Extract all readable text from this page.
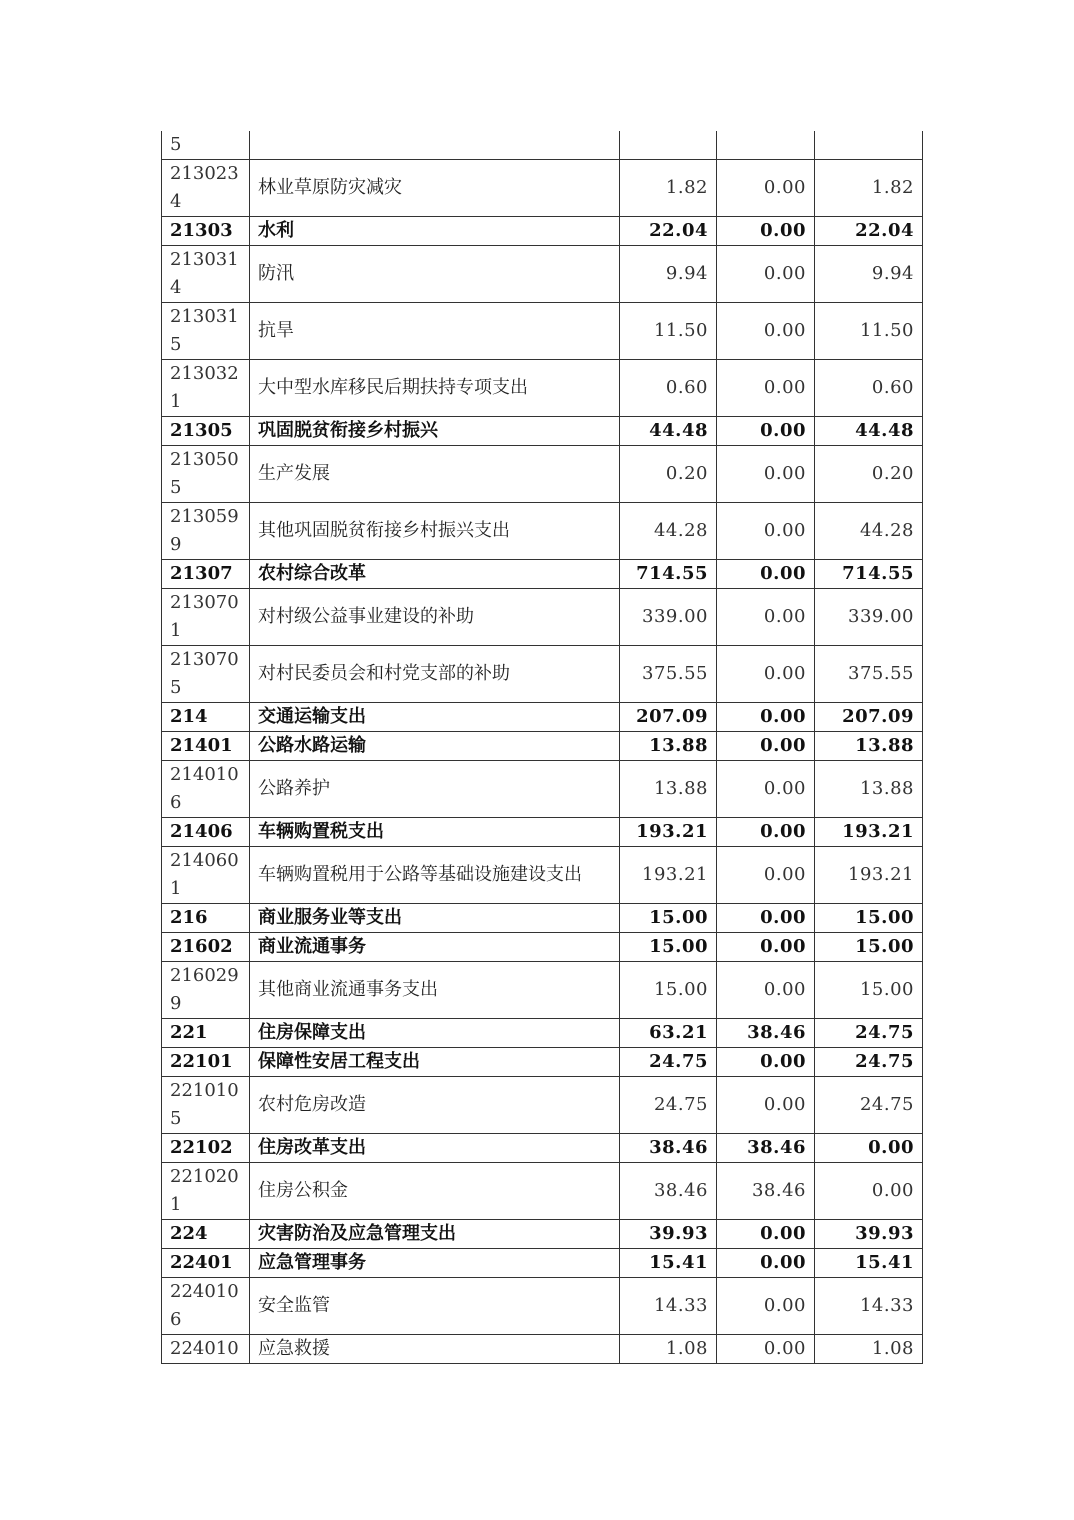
5				
2130234	林业草原防灾减灾	1.82	0.00	1.82
21303	水利	22.04	0.00	22.04
2130314	防汛	9.94	0.00	9.94
2130315	抗旱	11.50	0.00	11.50
2130321	大中型水库移民后期扶持专项支出	0.60	0.00	0.60
21305	巩固脱贫衔接乡村振兴	44.48	0.00	44.48
2130505	生产发展	0.20	0.00	0.20
2130599	其他巩固脱贫衔接乡村振兴支出	44.28	0.00	44.28
21307	农村综合改革	714.55	0.00	714.55
2130701	对村级公益事业建设的补助	339.00	0.00	339.00
2130705	对村民委员会和村党支部的补助	375.55	0.00	375.55
214	交通运输支出	207.09	0.00	207.09
21401	公路水路运输	13.88	0.00	13.88
2140106	公路养护	13.88	0.00	13.88
21406	车辆购置税支出	193.21	0.00	193.21
2140601	车辆购置税用于公路等基础设施建设支出	193.21	0.00	193.21
216	商业服务业等支出	15.00	0.00	15.00
21602	商业流通事务	15.00	0.00	15.00
2160299	其他商业流通事务支出	15.00	0.00	15.00
221	住房保障支出	63.21	38.46	24.75
22101	保障性安居工程支出	24.75	0.00	24.75
2210105	农村危房改造	24.75	0.00	24.75
22102	住房改革支出	38.46	38.46	0.00
2210201	住房公积金	38.46	38.46	0.00
224	灾害防治及应急管理支出	39.93	0.00	39.93
22401	应急管理事务	15.41	0.00	15.41
2240106	安全监管	14.33	0.00	14.33
224010	应急救援	1.08	0.00	1.08
